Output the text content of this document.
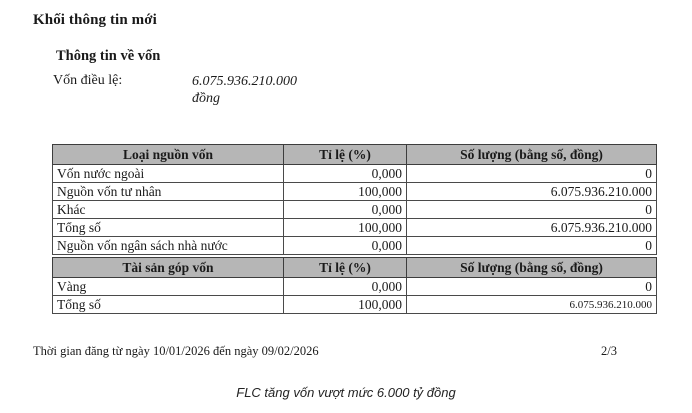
Khối thông tin mới
Thông tin về vốn
Vốn điều lệ:	6.075.936.210.000 đồng
Loại nguồn vốn	Tỉ lệ (%)	Số lượng (bằng số, đồng)
Vốn nước ngoài	0,000	0
Nguồn vốn tư nhân	100,000	6.075.936.210.000
Khác	0,000	0
Tổng số	100,000	6.075.936.210.000
Nguồn vốn ngân sách nhà nước	0,000	0
Tài sản góp vốn	Tỉ lệ (%)	Số lượng (bằng số, đồng)
Vàng	0,000	0
Tổng số	100,000	6.075.936.210.000
Thời gian đăng từ ngày 10/01/2026 đến ngày 09/02/2026	2/3
FLC tăng vốn vượt mức 6.000 tỷ đồng
